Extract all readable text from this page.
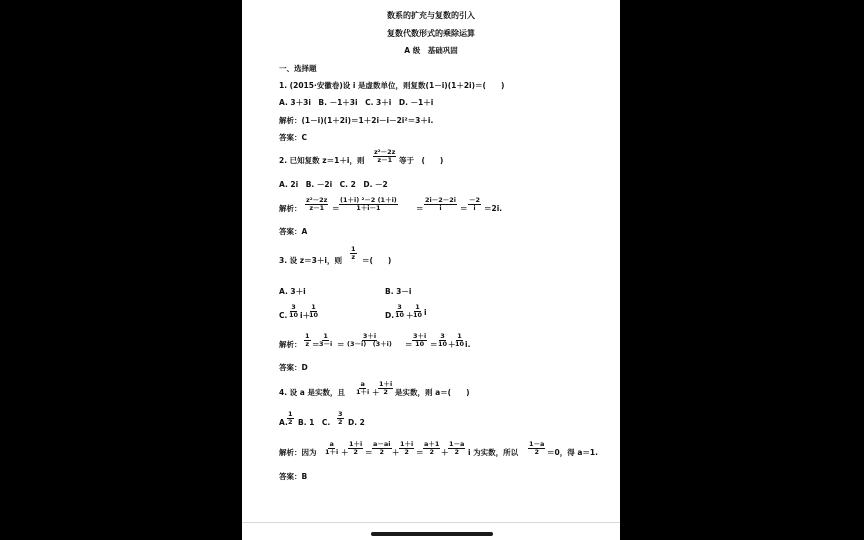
数系的扩充与复数的引入
复数代数形式的乘除运算
A 级　基础巩固
一、选择题
1. (2015·安徽卷)设 i 是虚数单位，则复数(1－i)(1＋2i)＝(　　)
A. 3＋3i　B. －1＋3i　C. 3＋i　D. －1＋i
解析：(1－i)(1＋2i)＝1＋2i－i－2i²＝3＋i.
答案：C
2. 已知复数 z＝1＋i，则 $\frac{\text{z²－2z}}{z-1}$ 等于　(　　)
A. 2i　B. －2i　C. 2　D. －2
解析： $\frac{\text{z²－2z}}{z-1} = \frac{\text{(1＋i) ²－2 (1＋i)}}{1+i-1} = \frac{2i-2-2i}{i} = \frac{-2}{i} =2i$.
答案：A
3. 设 z＝3＋i，则 $\frac{1}{z}$ ＝(　　)
A. 3＋i	B. 3－i
C. $\frac{3}{10} i+$
$\frac{1}{10}$	D. $\frac{3}{10}$ ＋
$\frac{1}{10}$ i
解析： $\frac{1}{z}$ ＝
$\frac{1}{3-i} = \frac{3+i}{(3-i) (3+i)} = \frac{3+i}{10} = \frac{3}{10}$ ＋
$\frac{1}{10} i$.
答案：D
4. 设 a 是实数，且 $\frac{a}{1+i}$ ＋
$\frac{1+i}{2}$ 是实数，则 a＝(　　)
A. $\frac{1}{2} B$. 1　C. $\frac{3}{2} D$. 2
解析：因为 $\frac{a}{1+i} + \frac{1+i}{2} = \frac{a-ai}{2} + \frac{1+i}{2} = \frac{a+1}{2} + \frac{1-a}{2}$ i 为实数，所以 $\frac{1-a}{2} =0$，得 a＝1.
答案：B
